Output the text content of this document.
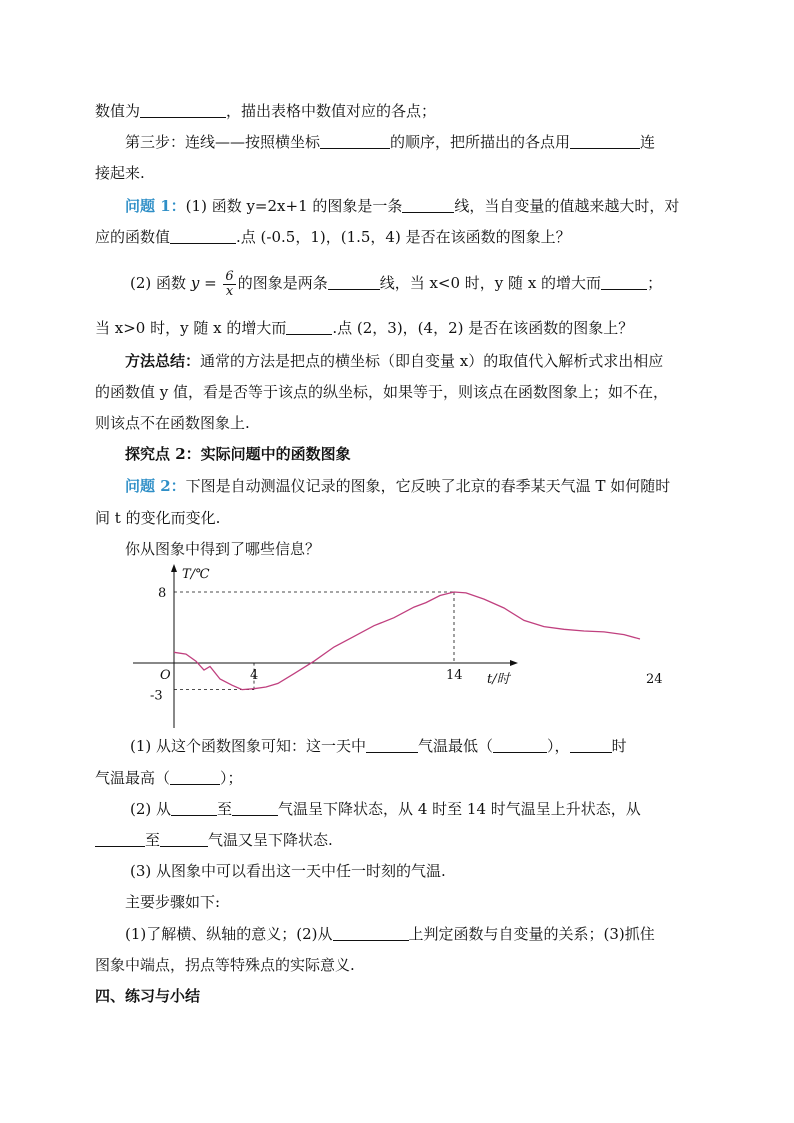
数值为	，描出表格中数值对应的各点；
第三步：连线——按照横坐标	的顺序，把所描出的各点用	连
接起来.
问题 1：(1) 函数 y=2x+1 的图象是一条	线，当自变量的值越来越大时，对
应的函数值	.点 (-0.5，1)，(1.5，4) 是否在该函数的图象上？
(2) 函数 $y = \frac{6}{x}$ 的图象是两条	线，当 x<0 时，y 随 x 的增大而	；
当 x>0 时，y 随 x 的增大而	.点 (2，3)，(4，2) 是否在该函数的图象上？
方法总结：通常的方法是把点的横坐标（即自变量 x）的取值代入解析式求出相应
的函数值 y 值，看是否等于该点的纵坐标，如果等于，则该点在函数图象上；如不在，
则该点不在函数图象上.
探究点 2：实际问题中的函数图象
问题 2：下图是自动测温仪记录的图象，它反映了北京的春季某天气温 T 如何随时
间 t 的变化而变化.
你从图象中得到了哪些信息？
T/℃
t/时
O	4	14	24
8
-3
(1) 从这个函数图象可知：这一天中	气温最低（	），	时
气温最高（	）；
(2) 从	至	气温呈下降状态，从 4 时至 14 时气温呈上升状态，从
至	气温又呈下降状态.
(3) 从图象中可以看出这一天中任一时刻的气温.
主要步骤如下:
(1)了解横、纵轴的意义；(2)从	上判定函数与自变量的关系；(3)抓住
图象中端点，拐点等特殊点的实际意义.
四、练习与小结
